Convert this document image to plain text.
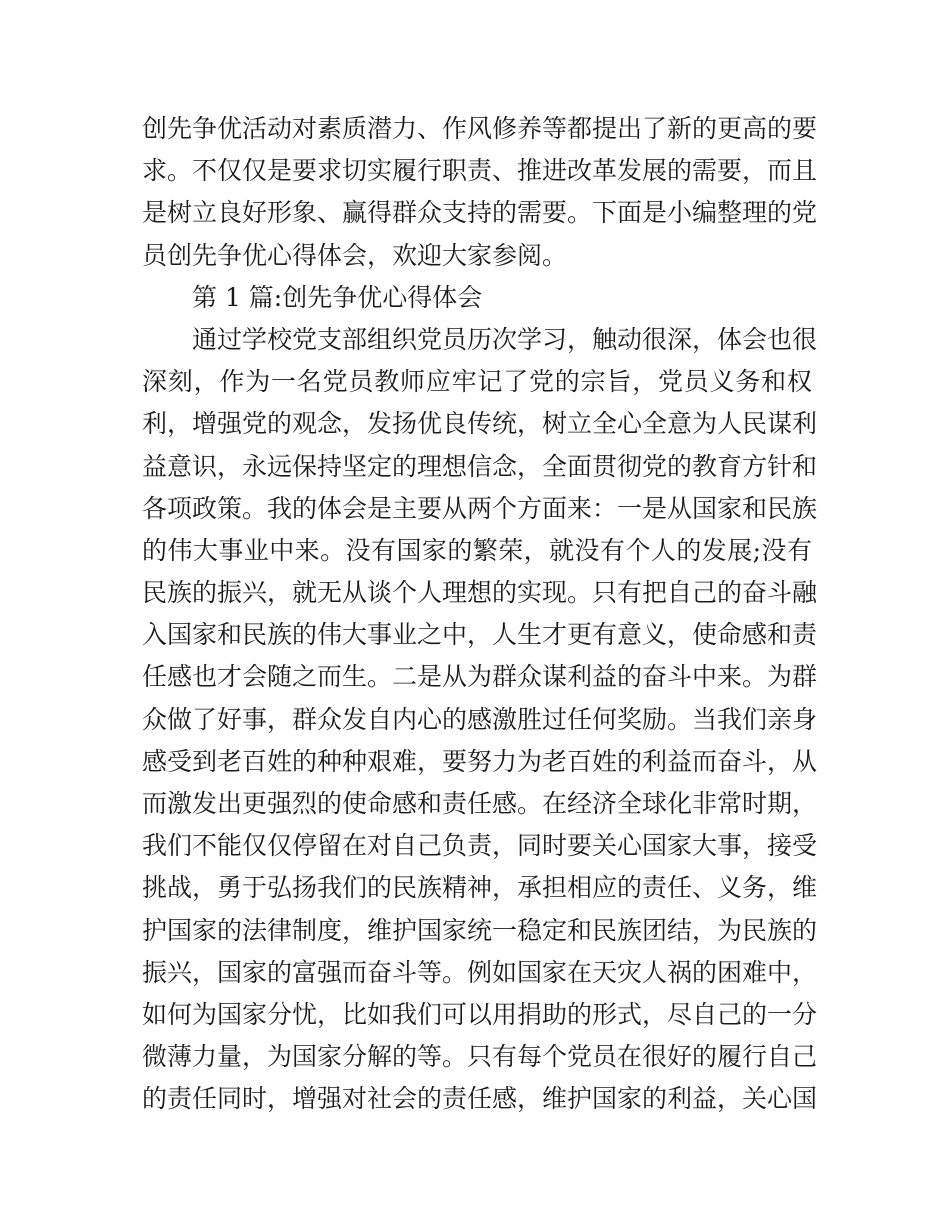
创先争优活动对素质潜力、作风修养等都提出了新的更高的要
求。不仅仅是要求切实履行职责、推进改革发展的需要，而且
是树立良好形象、赢得群众支持的需要。下面是小编整理的党
员创先争优心得体会，欢迎大家参阅。
第 1 篇:创先争优心得体会
通过学校党支部组织党员历次学习，触动很深，体会也很
深刻，作为一名党员教师应牢记了党的宗旨，党员义务和权
利，增强党的观念，发扬优良传统，树立全心全意为人民谋利
益意识，永远保持坚定的理想信念，全面贯彻党的教育方针和
各项政策。我的体会是主要从两个方面来：一是从国家和民族
的伟大事业中来。没有国家的繁荣，就没有个人的发展;没有
民族的振兴，就无从谈个人理想的实现。只有把自己的奋斗融
入国家和民族的伟大事业之中，人生才更有意义，使命感和责
任感也才会随之而生。二是从为群众谋利益的奋斗中来。为群
众做了好事，群众发自内心的感激胜过任何奖励。当我们亲身
感受到老百姓的种种艰难，要努力为老百姓的利益而奋斗，从
而激发出更强烈的使命感和责任感。在经济全球化非常时期，
我们不能仅仅停留在对自己负责，同时要关心国家大事，接受
挑战，勇于弘扬我们的民族精神，承担相应的责任、义务，维
护国家的法律制度，维护国家统一稳定和民族团结，为民族的
振兴，国家的富强而奋斗等。例如国家在天灾人祸的困难中，
如何为国家分忧，比如我们可以用捐助的形式，尽自己的一分
微薄力量，为国家分解的等。只有每个党员在很好的履行自己
的责任同时，增强对社会的责任感，维护国家的利益，关心国
